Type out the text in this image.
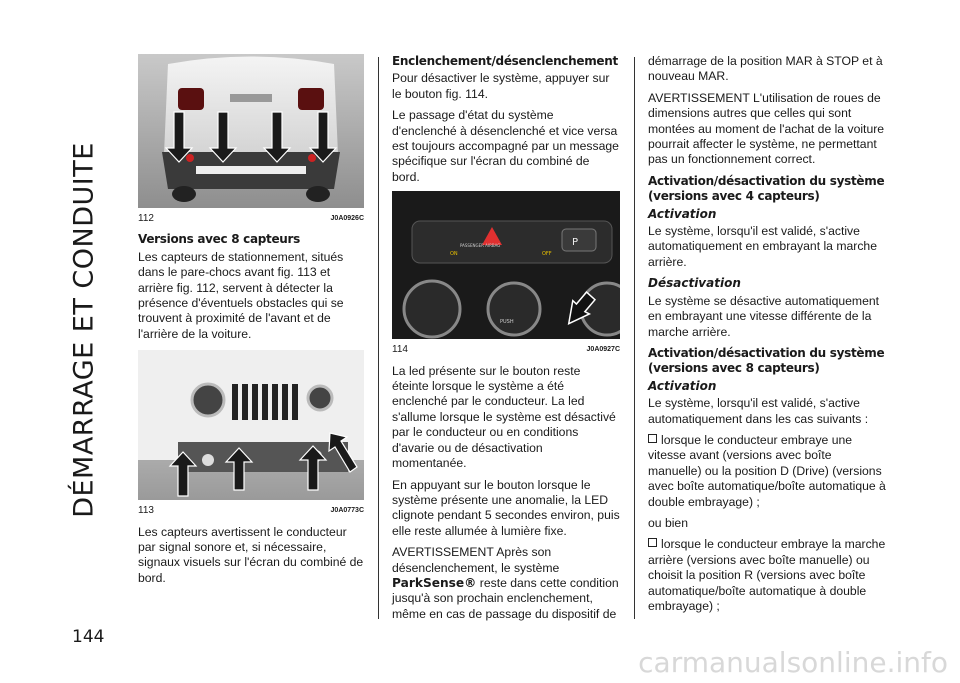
DÉMARRAGE ET CONDUITE
144
112	J0A0926C
Versions avec 8 capteurs

Les capteurs de stationnement, situés dans le pare-chocs avant fig. 113 et arrière fig. 112, servent à détecter la présence d'éventuels obstacles qui se trouvent à proximité de l'avant et de l'arrière de la voiture.

113	J0A0773C

Les capteurs avertissent le conducteur par signal sonore et, si nécessaire, signaux visuels sur l'écran du combiné de bord.

Enclenchement/désenclenchement

Pour désactiver le système, appuyer sur le bouton fig. 114.

Le passage d'état du système d'enclenché à désenclenché et vice versa est toujours accompagné par un message spécifique sur l'écran du combiné de bord.

ON
PASSENGER AIRBAG
OFF
P
PUSH
114	J0A0927C

La led présente sur le bouton reste éteinte lorsque le système a été enclenché par le conducteur. La led s'allume lorsque le système est désactivé par le conducteur ou en conditions d'avarie ou de désactivation momentanée.

En appuyant sur le bouton lorsque le système présente une anomalie, la LED clignote pendant 5 secondes environ, puis elle reste allumée à lumière fixe.

AVERTISSEMENT Après son désenclenchement, le système ParkSense® reste dans cette condition jusqu'à son prochain enclenchement, même en cas de passage du dispositif de

démarrage de la position MAR à STOP et à nouveau MAR.

AVERTISSEMENT L'utilisation de roues de dimensions autres que celles qui sont montées au moment de l'achat de la voiture pourrait affecter le système, ne permettant pas un fonctionnement correct.

Activation/désactivation du système (versions avec 4 capteurs)
Activation

Le système, lorsqu'il est validé, s'active automatiquement en embrayant la marche arrière.

Désactivation

Le système se désactive automatiquement en embrayant une vitesse différente de la marche arrière.

Activation/désactivation du système (versions avec 8 capteurs)
Activation

Le système, lorsqu'il est validé, s'active automatiquement dans les cas suivants :

lorsque le conducteur embraye une vitesse avant (versions avec boîte manuelle) ou la position D (Drive) (versions avec boîte automatique/boîte automatique à double embrayage) ;

ou bien

lorsque le conducteur embraye la marche arrière (versions avec boîte manuelle) ou choisit la position R (versions avec boîte automatique/boîte automatique à double embrayage) ;

carmanualsonline.info
